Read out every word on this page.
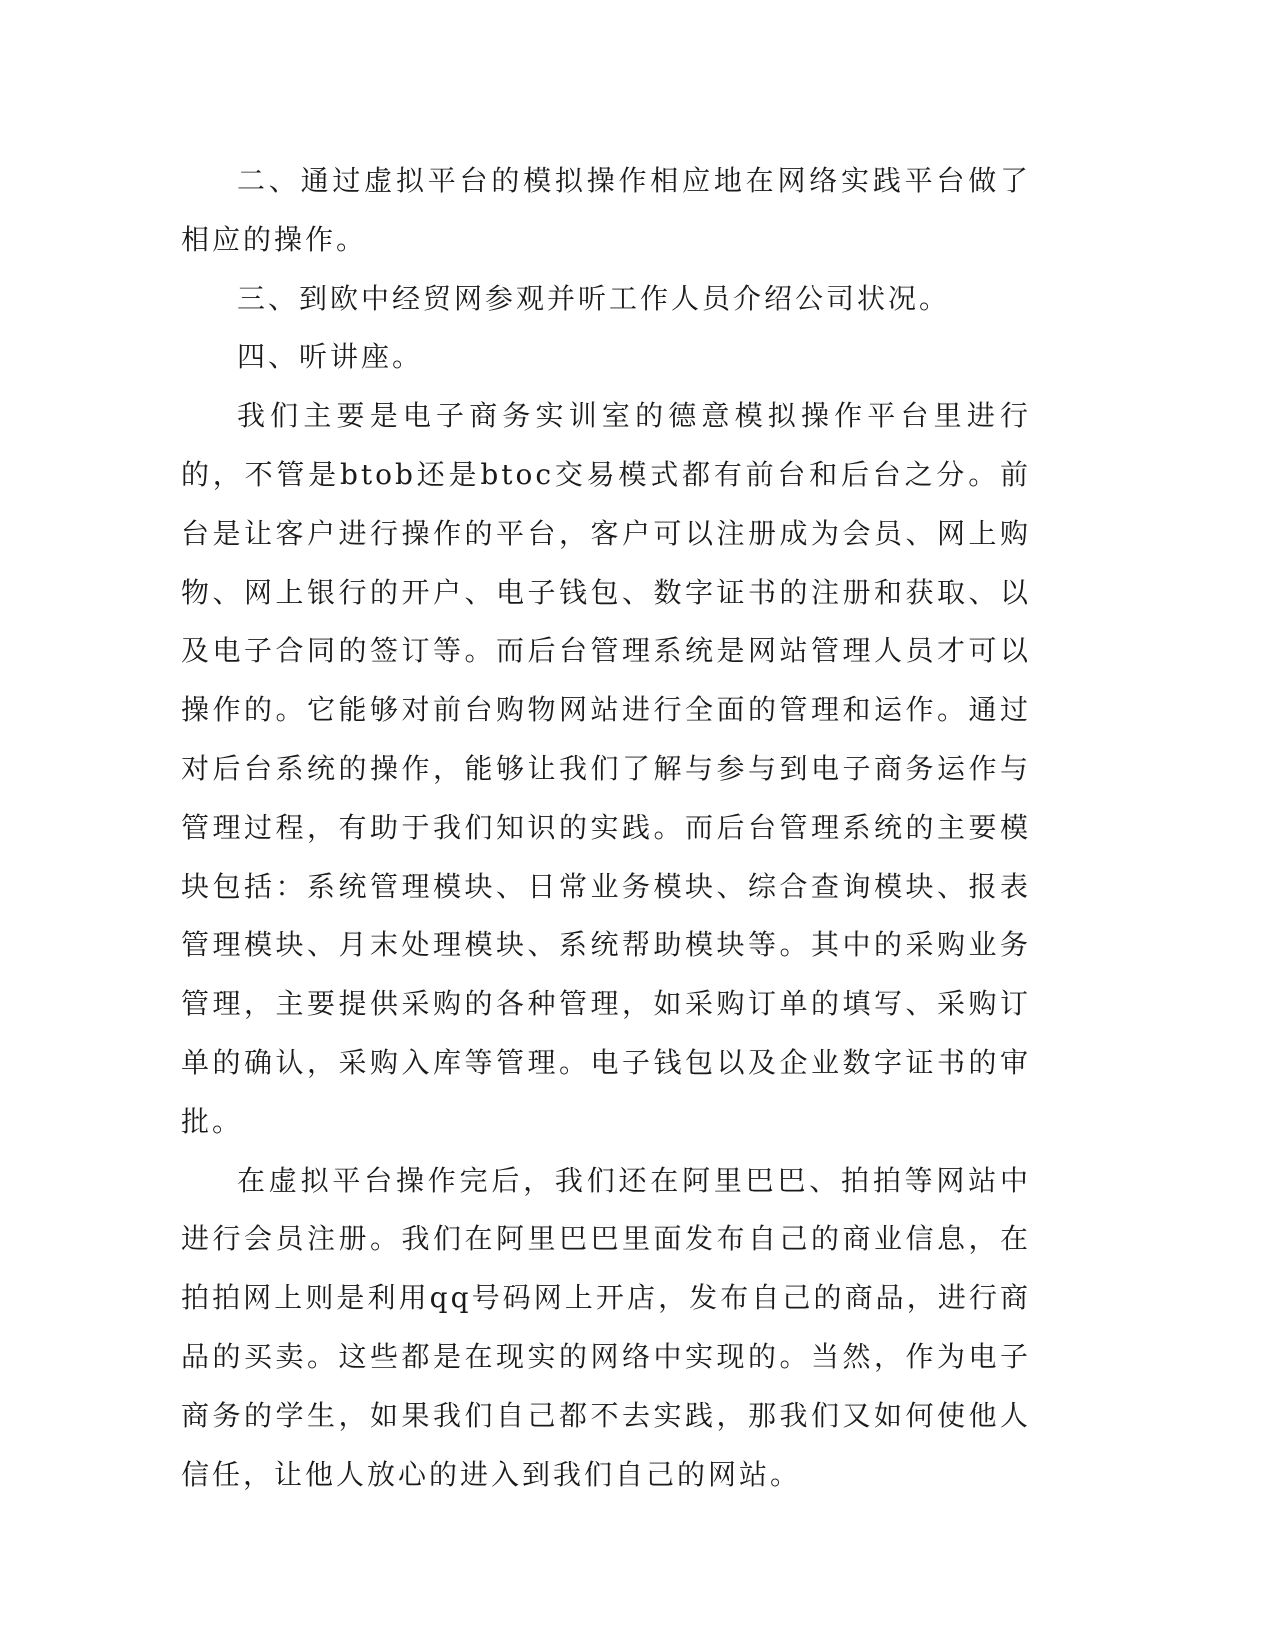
二、通过虚拟平台的模拟操作相应地在网络实践平台做了相应的操作。

三、到欧中经贸网参观并听工作人员介绍公司状况。

四、听讲座。

我们主要是电子商务实训室的德意模拟操作平台里进行的，不管是btob还是btoc交易模式都有前台和后台之分。前台是让客户进行操作的平台，客户可以注册成为会员、网上购物、网上银行的开户、电子钱包、数字证书的注册和获取、以及电子合同的签订等。而后台管理系统是网站管理人员才可以操作的。它能够对前台购物网站进行全面的管理和运作。通过对后台系统的操作，能够让我们了解与参与到电子商务运作与管理过程，有助于我们知识的实践。而后台管理系统的主要模块包括：系统管理模块、日常业务模块、综合查询模块、报表管理模块、月末处理模块、系统帮助模块等。其中的采购业务管理，主要提供采购的各种管理，如采购订单的填写、采购订单的确认，采购入库等管理。电子钱包以及企业数字证书的审批。

在虚拟平台操作完后，我们还在阿里巴巴、拍拍等网站中进行会员注册。我们在阿里巴巴里面发布自己的商业信息，在拍拍网上则是利用qq号码网上开店，发布自己的商品，进行商品的买卖。这些都是在现实的网络中实现的。当然，作为电子商务的学生，如果我们自己都不去实践，那我们又如何使他人信任，让他人放心的进入到我们自己的网站。
